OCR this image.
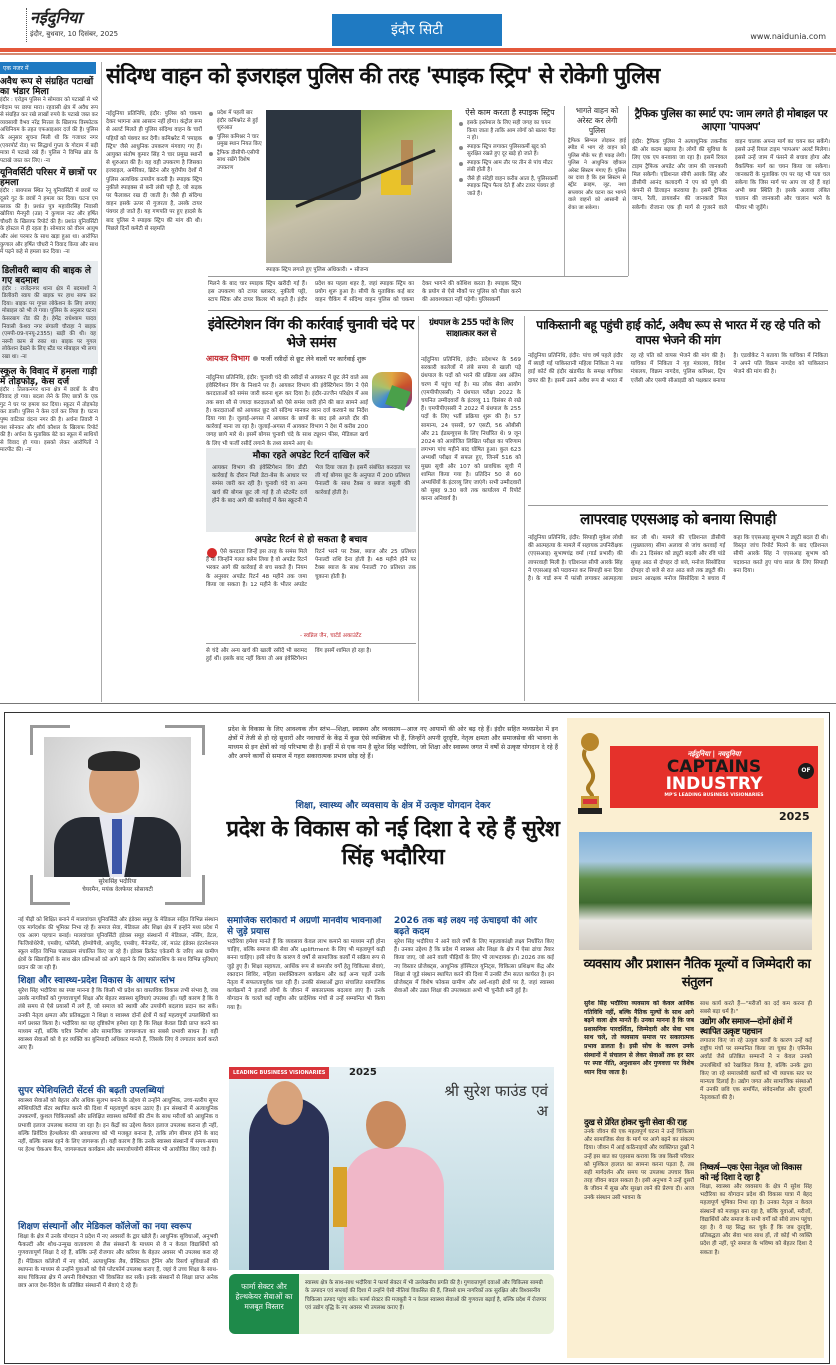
नईदुनिया
इंदौर, बुधवार, 10 दिसंबर, 2025	इंदौर सिटी	www.naidunia.com
एक नजर में
अवैध रूप से संग्रहित पटाखों का भंडार मिला
इंदौर : एरोड्रम पुलिस ने सोमवार को पटाखों से भरे गोदाम पर छापा मारा। रहवासी क्षेत्र में अवैध रूप से संग्रहित कर रखे लाखों रुपये के पटाखे जब्त कर व्यवसायी वैभव नरेंद्र मित्तल के खिलाफ विस्फोटक अधिनियम के तहत एफआइआर दर्ज की है। पुलिस के अनुसार सूचना मिली थी कि गजाधर नगर (एयरपोर्ट रोड) पर सिद्धार्थ गुप्ता के गोदाम में बड़ी मात्रा में पटाखे रखे हैं। पुलिस ने विभिन्न ब्रांड के पटाखे जब्त कर लिए। -ना
यूनिवर्सिटी परिसर में छात्रों पर हमला
इंदौर : बायपास स्थित रेनू यूनिवर्सिटी में छात्रों पर दूसरे गुट के छात्रों ने हमला कर दिया। घटना एम ब्लाक की है। प्रशांत पुत्र महावीरसिंह निवासी खोरिया मैनपुरी (उप्र) ने कुणाल नाट और हर्षित चौधरी के खिलाफ रिपोर्ट की है। प्रशांत यूनिवर्सिटी के होस्टल में ही रहता है। सोमवार को वीरम आयुष और अंश परमार के साथ खड़ा हुआ था। आरोपित कुणाल और हर्षित चौधरी ने विवाद किया और साथ में पढ़ने कहे से हमला कर दिया। -ना
डिलीवरी ब्वाय की बाइक ले गए बदमाश
इंदौर : राजेंद्रनगर थाना क्षेत्र में बदमाशों ने डिलीवरी ब्वाय की बाइक पर हाथ साफ कर दिया। बाइक पर गूगल लोकेशन के लिए लगाए मोबाइल को भी ले गया। पुलिस के अनुसार घटना केसरबाग रोड की है। हेमेंद्र राधेश्याम यादव निवासी केशव नगर बंगाली चौराहा ने बाइक (एमपी-09-एनयू-2355) खड़ी की थी। वह नरूरी काम से रुका था। बाइक पर गूगल लोकेशन देखने के लिए स्टैंड पर मोबाइल भी लगा रखा था। -ना
स्कूल के विवाद में हमला गाड़ी में तोड़फोड़, केस दर्ज
इंदौर : तिलकनगर थाना क्षेत्र में छात्रों के बीच विवाद हो गया। बदला लेने के लिए छात्रों के एक गुट ने घर पर हमला कर दिया। स्कूटर में तोड़फोड़ कर डाली। पुलिस ने केस दर्ज कर लिया है। घटना पुष्प वाटिका वंदना नगर की है। अर्चना तिवारी ने यश सोनकर और शौर्य कौशल के खिलाफ रिपोर्ट की है। अर्चना के मुताबिक बेटे का स्कूल में साथियों से विवाद हो गया। इसको लेकर आरोपितों ने मारपीट की। -ना
संदिग्ध वाहन को इजराइल पुलिस की तरह 'स्पाइक स्ट्रिप' से रोकेगी पुलिस
नईदुनिया प्रतिनिधि, इंदौर: पुलिस को चकमा देकर भागना अब आसान नहीं होगा। कंट्रोल रूम से अलर्ट मिलते ही पुलिस संदिग्ध वाहन के चारों पहियों को पंक्चर कर देगी। कमिश्नरेट में 'स्पाइक स्ट्रिप' जैसे आधुनिक उपकरण मंगवाए गए हैं। आयुक्त संतोष कुमार सिंह ने चार प्रमुख स्थानों से शुरुआत की है। यह वही उपकरण है जिसका इजराइल, अमेरिका, ब्रिटेन और यूरोपीय देशों में पुलिस अत्यधिक उपयोग करती है। स्पाइक स्ट्रिप नुकीले स्पाइक्स से बनी लंबी पट्टी है, जो सड़क पर फैलाकर रख दी जाती है। जैसे ही संदिग्ध वाहन इसके ऊपर से गुजरता है, उसके टायर पंक्चर हो जाते हैं। यह गणपति पर हुए हादसे के बाद पुलिस ने स्पाइक स्ट्रिप की मांग की थी। पिछले दिनों कमेटी से सहमति
प्रदेश में पहली बार इंदौर कमिश्नरेट से हुई शुरुआत
पुलिस कमिश्नर ने चार प्रमुख स्थान नियत किए
ट्रैफिक डीसीपी-एसीपी साथ रखेंगे विशेष उपकरण
स्पाइक स्ट्रिप लगाते हुए पुलिस अधिकारी। • सौजन्य
ऐसे काम करता है स्पाइक स्ट्रिप
इसके इस्तेमाल के लिए सही जगह का चयन किया जाता है ताकि आम लोगों को खतरा पैदा न हो।
स्पाइक स्ट्रिप लगाकर पुलिसकर्मी खुद को सुरक्षित रखते हुए दूर खड़े हो जाते हैं।
स्पाइक स्ट्रिप आम तौर पर तीन से पांच मीटर लंबी होती है।
जैसे ही संदेही वाहन करीब आता है, पुलिसकर्मी स्पाइक स्ट्रिप फैला देते हैं और टायर पंक्चर हो जाते हैं।
भागते वाहन को अरेस्ट कर लेगी पुलिस
ट्रैफिक सिग्नल तोड़कर हाई स्पीड में भाग रहे वाहन को पुलिस मौके पर ही पकड़ लेगी। पुलिस ने आधुनिक व्हीकल अरेस्ट सिस्टम मंगाए हैं। पुलिस का दावा है कि इस सिस्टम से स्ट्रीट क्राइम, लूट, नशा सप्लायर और घटना कर भागने वाले वाहनों को आसानी से रोका जा सकेगा।
मिलने के बाद चार स्पाइक स्ट्रिप खरीदी गई हैं। इस उपकरण को टायर ब्लास्टर, नुकीली पट्टी, स्टाप स्टिक और टायर किलर भी कहते हैं। इंदौर प्रदेश का पहला शहर है, जहां स्पाइक स्ट्रिप का प्रयोग शुरू हुआ है। सीपी के मुताबिक कई बार वाहन चैकिंग में संदिग्ध वाहन पुलिस को चकमा देकर भागने की कोशिश करता है। स्पाइक स्ट्रिप के प्रयोग से ऐसे मौकों पर पुलिस को पीछा करने की आवश्यकता नहीं पड़ेगी। पुलिसकर्मी
ट्रैफिक पुलिस का स्मार्ट एप: जाम लगते ही मोबाइल पर आएगा 'पापअप'
इंदौर: ट्रैफिक पुलिस ने अत्याधुनिक तकनीक की ओर कदम बढ़ाया है। लोगों की सुविधा के लिए एक एप बनवाया जा रहा है। इसमें रियल टाइम ट्रैफिक अपडेट और जाम की जानकारी मिल सकेगी। एडिशनल सीपी आरके सिंह और डीसीपी आनंद कलादगी ने एप को पुणे की कंपनी से डिजाइन करवाया है। इसमें ट्रैफिक जाम, रैली, डायवर्सन की जानकारी मिल सकेगी। रोजाना एक ही मार्ग से गुजरने वाले वाहन चालक अपना मार्ग का चयन कर सकेंगे। इससे उन्हें रियल टाइम 'पापअप' अलर्ट मिलेगा। इससे उन्हें जाम में फंसने से बचाव होगा और वैकल्पिक मार्ग का चयन किया जा सकेगा। जानकारी के मुताबिक एप पर यह भी पता चल सकेगा कि जिस मार्ग पर आप जा रहे हैं वहां अभी क्या स्थिति है। इसके अलावा लंबित चालान की जानकारी और चालान भरने के फीचर भी जुड़ेंगे।
इंवेस्टिगेशन विंग की कार्रवाई चुनावी चंदे पर भेजे समंस
आयकर विभाग फर्जी रसीदों से छूट लेने वालों पर कार्रवाई शुरू
नईदुनिया प्रतिनिधि, इंदौर: चुनावी चंदे की रसीदों से आयकर में छूट लेने वाले अब इंवेस्टिगेशन विंग के निशाने पर हैं। आयकर विभाग की इंवेस्टिगेशन विंग ने ऐसे करदाताओं को समंस जारी करना शुरू कर दिया है। इंदौर-उज्जैन परिक्षेत्र में अब तक सवा सौ से ज्यादा करदाताओं को ऐसे समंस जारी होने की बात सामने आई है। करदाताओं को आयकर छूट को संदिग्ध मानकर ब्यान दर्ज करवाने का निर्देश दिया गया है। जुलाई-अगस्त में आयकर के छापों के बाद इसे अगले दौर की कार्रवाई माना जा रहा है। जुलाई-अगस्त में आयकर विभाग ने देश में करीब 200 जगह छापे मारे थे। इसमें बोगस चुनावी चंदे के साथ ट्यूशन फीस, मेडिकल खर्च के लिए भी फर्जी रसीदें लगाने के तथ्य सामने आए थे।
मौका रहते अपडेट रिटर्न दाखिल करें
आयकर विभाग की इंवेस्टिगेशन विंग डीटी कार्रवाई के दौरान मिले डेटा-बेस के आधार पर समंस जारी कर रही है। चुनावी चंदे या अन्य खर्च की बोगस छूट ली गई है तो स्टेटमेंट दर्ज होने के बाद आगे की कार्रवाई में केस स्क्रूटनी में भेज दिया जाता है। इसमें संबंधित करदाता पर ली गई बोगस छूट के अनुपात में 200 प्रतिशत पेनाल्टी के साथ टैक्स व ब्याज वसूली की कार्रवाई होती है।
अपडेट रिटर्न से हो सकता है बचाव
ऐसे करदाता जिन्हें इस तरह के समंस मिले हैं या जिन्होंने गलत क्लेम लिया है वो अपडेट रिटर्न भरकर आगे की कार्रवाई से बच सकते हैं। नियम के अनुसार अपडेट रिटर्न 48 महीने तक जमा किया जा सकता है। 12 महीने के भीतर अपडेट रिटर्न भरने पर टैक्स, ब्याज और 25 प्रतिशत पेनाल्टी राशि देना होती है। 48 महीने होने पर टैक्स ब्याज के साथ पेनाल्टी 70 प्रतिशत तक चुकाना होती है।
- स्वप्निल जैन, चार्टर्ड अकाउंटेंट
से चंदे और अन्य खर्च की खाली रसीदें भी बरामद हुई थीं। इसके बाद नहीं किया तो अब इंवेस्टिगेशन विंग इसमें शामिल हो रहा है।
ग्रंथपाल के 255 पदों के लिए साक्षात्कार कल से
नईदुनिया प्रतिनिधि, इंदौर: प्रदेशभर के 569 सरकारी कालेजों में लंबे समय से खाली पड़े ग्रंथपाल के पदों को भरने की प्रक्रिया अब अंतिम चरण में पहुंच गई है। मप्र लोक सेवा आयोग (एमपीपीएससी) ने ग्रंथपाल परीक्षा 2022 के चयनित उम्मीदवारों के इंटरव्यू 11 दिसंबर से रखे हैं। एमपीपीएससी ने 2022 में ग्रंथपाल के 255 पदों के लिए भर्ती प्रक्रिया शुरू की है। 57 सामान्य, 24 एससी, 97 एसटी, 56 ओबीसी और 21 ईडब्ल्यूएस के लिए निर्धारित थे। 9 जून 2024 को आयोजित लिखित परीक्षा का परिणाम लगभग पांच महीने बाद घोषित हुआ। कुल 623 अभ्यर्थी परीक्षा में सफल हुए, जिनमें 516 को मुख्य सूची और 107 को प्रावधिक सूची में शामिल किया गया है। प्रतिदिन 50 से 60 अभ्यर्थियों के इंटरव्यू लिए जाएंगे। सभी उम्मीदवारों को सुबह 9.30 बजे तक कार्यालय में रिपोर्ट करना अनिवार्य है।
पाकिस्तानी बहू पहुंची हाई कोर्ट, अवैध रूप से भारत में रह रहे पति को वापस भेजने की मांग
नईदुनिया प्रतिनिधि, इंदौर: पांच वर्ष पहले इंदौर में ब्याही गई पाकिस्तानी महिला निकिता ने मप्र हाई कोर्ट की इंदौर खंडपीठ के समक्ष याचिका दायर की है। इसमें उसने अवैध रूप से भारत में रह रहे पति को वापस भेजने की मांग की है। याचिका में निकिता ने गृह मंत्रालय, विदेश मंत्रालय, विक्रम नागदेव, पुलिस कमिश्नर, ट्रिप एजेंसी और एसपी सीआइडी को पक्षकार बनाया है। एडवोकेट ने बताया कि याचिका में निकिता ने अपने पति विक्रम नागदेव को पाकिस्तान भेजने की मांग की है।
लापरवाह एएसआइ को बनाया सिपाही
नईदुनिया प्रतिनिधि, इंदौर: सिपाही मुकेश लोधी की आत्महत्या के मामले में सहायक उपनिरीक्षक (एएसआइ) सुभाषचंद्र वर्मा (गार्ड प्रभारी) की लापरवाही मिली है। एडिशनल सीपी आरके सिंह ने एएसआइ को पदावनत कर सिपाही बना दिया है। के गार्ड रूम में फांसी लगाकर आत्महत्या कर ली थी। मामले की एडिशनल डीसीपी (मुख्यालय) सीमा अलावा से जांच करवाई गई थी। 21 दिसंबर को ड्यूटी बदली और रवि पांडे सुबह आठ से दोपहर दो बजे, मनोज सिसोदिया दोपहर दो बजे से रात आठ बजे तक ड्यूटी की। प्रधान आरक्षक मनोज सिसोदिया ने बचाव में कहा कि एएसआइ सुभाष ने ड्यूटी बदल दी थी। विस्तृत जांच रिपोर्ट मिलने के बाद एडिशनल सीपी आरके सिंह ने एएसआइ सुभाष को पदावनत करते हुए पांच साल के लिए सिपाही बना दिया।
सुरेशसिंह भदौरिया
चेयरमैन, मयंक वेलफेयर सोसायटी
प्रदेश के विकास के लिए आवश्यक तीन स्तंभ—शिक्षा, स्वास्थ्य और व्यवसाय—आज नए आयामों की ओर बढ़ रहे हैं। इंदौर सहित मध्यप्रदेश में इन क्षेत्रों में तेजी से हो रहे सुधारों और नवाचारों के केंद्र में कुछ ऐसे व्यक्तित्व भी हैं, जिन्होंने अपनी दूरदृष्टि, नेतृत्व क्षमता और समाजसेवा की भावना के माध्यम से इन क्षेत्रों को नई परिभाषा दी है। इन्हीं में से एक नाम है सुरेश सिंह भदौरिया, जो शिक्षा और स्वास्थ्य जगत में वर्षों से उत्कृष्ट योगदान दे रहे हैं और अपने कार्यों से समाज में गहरा सकारात्मक प्रभाव छोड़ रहे हैं।
शिक्षा, स्वास्थ्य और व्यवसाय के क्षेत्र में उत्कृष्ट योगदान देकर
प्रदेश के विकास को नई दिशा दे रहे हैं सुरेश सिंह भदौरिया
नई पीढ़ी को शिक्षित बनाने में मालवांचल यूनिवर्सिटी और इंडेक्स समूह के मेडिकल सहित विभिन्न संस्थान एक मार्गदर्शक की भूमिका निभा रहे हैं। समाज सेवा, मेडिकल और शिक्षा क्षेत्र में इन्होंने मध्य प्रदेश में एक अलग पहचान बनाई। मालवांचल यूनिवर्सिटी इंडेक्स समूह संस्थानों में मेडिकल, नर्सिंग, डेंटल, फिजियोथेरेपी, एमबीए, फॉर्मेसी, होम्योपैथी, आयुर्वेद, एमबीए, मैनेजमेंट, लॉ, माउंट इंडेक्स इंटरनेशनल स्कूल सहित विभिन्न पाठ्यक्रम संचालित किए जा रहे हैं। इंडेक्स क्रिकेट एकेडमी के जरिए अब ग्रामीण क्षेत्रों के खिलाड़ियों के साथ खेल प्रतिभाओं को आगे बढ़ाने के लिए स्कॉलरशिप के साथ विभिन्न सुविधाएं प्रदान की जा रही हैं।
शिक्षा और स्वास्थ्य-प्रदेश विकास के आधार स्तंभ
सुरेश सिंह भदौरिया का स्पष्ट मानना है कि किसी भी प्रदेश का वास्तविक विकास तभी संभव है, जब उसके नागरिकों को गुणवत्तापूर्ण शिक्षा और बेहतर स्वास्थ्य सुविधाएं उपलब्ध हों। यही कारण है कि वे लंबे समय से ऐसे प्रयासों में लगे हैं, जो समाज को स्थायी और उपयोगी बदलाव प्रदान कर सकें। उनकी नेतृत्व क्षमता और प्रतिबद्धता ने शिक्षा व स्वास्थ्य दोनों क्षेत्रों में कई महत्वपूर्ण उपलब्धियों का मार्ग प्रशस्त किया है। भदौरिया का यह दृष्टिकोण हमेशा रहा है कि शिक्षा केवल डिग्री प्राप्त करने का माध्यम नहीं, बल्कि चरित्र निर्माण और सामाजिक जागरूकता का सबसे प्रभावी साधन है। वहीं स्वास्थ्य सेवाओं को वे हर व्यक्ति का बुनियादी अधिकार मानते हैं, जिसके लिए वे लगातार कार्य करते आए हैं।
सुपर स्पेशियलिटी सेंटर्स की बढ़ती उपलब्धियां
स्वास्थ्य सेवाओं को बेहतर और अधिक सुलभ बनाने के उद्देश्य से उन्होंने आधुनिक, उच्च-स्तरीय सुपर स्पेशियलिटी सेंटर स्थापित करने की दिशा में महत्वपूर्ण कदम उठाए हैं। इन संस्थानों में अत्याधुनिक उपकरणों, कुशल चिकित्सकों और प्रशिक्षित स्वास्थ्य कर्मियों की टीम के साथ मरीजों को आधुनिक व प्रभावी इलाज उपलब्ध कराया जा रहा है। इन केंद्रों का उद्देश्य केवल इलाज उपलब्ध कराना ही नहीं, बल्कि प्रिवेंटिव हेल्थकेयर की अवधारणा को भी मजबूत बनाना है, ताकि लोग बीमार होने के बाद नहीं, बल्कि स्वस्थ रहने के लिए जागरूक हों। यही कारण है कि उनके स्वास्थ्य संस्थानों में समय-समय पर हेल्थ चेकअप कैंप, जागरूकता कार्यक्रम और समाजोपयोगी सेमिनार भी आयोजित किए जाते हैं।
शिक्षण संस्थानों और मेडिकल कॉलेजों का नया स्वरूप
शिक्षा के क्षेत्र में उनके योगदान ने प्रदेश में नए अवसरों के द्वार खोले हैं। आधुनिक सुविधाओं, अनुभवी फैकल्टी और शोध-उन्मुख वातावरण से लैस संस्थानों के माध्यम से वे न केवल विद्यार्थियों को गुणवत्तापूर्ण शिक्षा दे रहे हैं, बल्कि उन्हें रोजगार और करियर के बेहतर अवसर भी उपलब्ध करा रहे हैं। मेडिकल कॉलेजों में नए कोर्स, अत्याधुनिक लैब, प्रैक्टिकल ट्रेनिंग और रिसर्च सुविधाओं की स्थापना के माध्यम से उन्होंने युवाओं को ऐसे प्लेटफॉर्म उपलब्ध कराए हैं, जहां वे उच्च शिक्षा के साथ-साथ चिकित्सा क्षेत्र में अपनी विशेषज्ञता भी विकसित कर सकें। इनके संस्थानों से शिक्षा प्राप्त अनेक छात्र आज देश-विदेश के प्रतिष्ठित संस्थानों में सेवाएं दे रहे हैं।
समाजिक सरोकारों में अग्रणी मानवीय भावनाओं से जुड़े प्रयास
भदौरिया हमेशा मानते हैं कि व्यवसाय केवल लाभ कमाने का माध्यम नहीं होना चाहिए, बल्कि समाज की सेवा और upliftment के लिए भी महत्वपूर्ण कड़ी बनना चाहिए। इसी सोच के कारण वे वर्षों से सामाजिक कार्यों में सक्रिय रूप से जुड़े हुए हैं। शिक्षा सहायता, आर्थिक रूप से कमजोर वर्गों हेतु चिकित्सा सेवाएं, रक्तदान शिविर, महिला सशक्तिकरण कार्यक्रम और कई अन्य पहलें उनके नेतृत्व में सफलतापूर्वक चल रही हैं। उनकी संस्थाओं द्वारा संचालित सामाजिक कार्यक्रमों ने हजारों लोगों के जीवन में सकारात्मक बदलाव लाए हैं। उनके योगदान के चलते कई राष्ट्रीय और प्रादेशिक मंचों से उन्हें सम्मानित भी किया गया है।
2026 तक बड़े लक्ष्य नई ऊंचाइयों की ओर बढ़ते कदम
सुरेश सिंह भदौरिया ने आने वाले वर्षों के लिए महत्वाकांक्षी लक्ष्य निर्धारित किए हैं। उनका उद्देश्य है कि प्रदेश में स्वास्थ्य और शिक्षा के क्षेत्र में ऐसा ढांचा तैयार किया जाए, जो आने वाली पीढ़ियों के लिए भी लाभदायक हो। 2026 तक कई नए विस्तार प्रोजेक्ट्स, आधुनिक हॉस्पिटल यूनिट्स, चिकित्सा प्रशिक्षण केंद्र और शिक्षा से जुड़े संस्थान स्थापित करने की दिशा में उनकी टीम सतत कार्यरत है। इन प्रोजेक्ट्स में विशेष फोकस ग्रामीण और अर्ध-शहरी क्षेत्रों पर है, जहां स्वास्थ्य सेवाओं और उन्नत शिक्षा की उपलब्धता अभी भी चुनौती बनी हुई है।
LEADING BUSINESS VISIONARIES	2025
श्री सुरेश फाउंड एवं अ
फार्मा सेक्टर और हेल्थकेयर सेवाओं का मजबूत विस्तार
स्वास्थ्य क्षेत्र के साथ-साथ भदौरिया ने फार्मा सेक्टर में भी उल्लेखनीय प्रगति की है। गुणवत्तापूर्ण दवाओं और चिकित्सा सामग्री के उत्पादन एवं सप्लाई की दिशा में उन्होंने ऐसी नीतियां विकसित की हैं, जिससे ग्राम नागरिकों तक सुरक्षित और विश्वसनीय चिकित्सा उत्पाद पहुंच सके। फार्मा सेक्टर की मजबूती ने न केवल स्वास्थ्य सेवाओं की गुणवत्ता बढ़ाई है, बल्कि प्रदेश में रोजगार एवं उद्योग वृद्धि के नए अवसर भी उपलब्ध कराए हैं।
नईदुनिया | नवदुनिया
CAPTAINS
INDUSTRY
MP'S LEADING BUSINESS VISIONARIES
OF
2025
व्यवसाय और प्रशासन नैतिक मूल्यों व जिम्मेदारी का संतुलन
सुरेश सिंह भदौरिया व्यवसाय को केवल आर्थिक गतिविधि नहीं, बल्कि नैतिक मूल्यों के साथ आगे बढ़ने वाला क्षेत्र मानते हैं। उनका मानना है कि जब प्रशासनिक पारदर्शिता, जिम्मेदारी और सेवा भाव साथ चले, तो व्यवसाय समाज पर सकारात्मक प्रभाव डालता है। इसी सोच के कारण उनके संस्थानों में संचालन से लेकर सेवाओं तक हर स्तर पर स्पष्ट नीति, अनुशासन और गुणवत्ता पर विशेष ध्यान दिया जाता है।
दुख से प्रेरित होकर चुनी सेवा की राह
उनके जीवन की एक महत्वपूर्ण घटना ने उन्हें चिकित्सा और सामाजिक सेवा के मार्ग पर आगे बढ़ने का संकल्प दिया। जीवन में आई कठिनाइयों और व्यक्तिगत दुखों ने उन्हें इस बात का एहसास कराया कि जब किसी परिवार को मुश्किल हालात का सामना करना पड़ता है, तब सही मार्गदर्शन और समय पर उपलब्ध उपचार किस तरह जीवन बदल सकता है। इसी अनुभव ने उन्हें दूसरों के जीवन में सुख और सुरक्षा लाने की प्रेरणा दी। आज उनके संस्थान उसी भावना के
साथ कार्य करते हैं—"मरीजों का दर्द कम करना ही सबसे बड़ा धर्म है।"
उद्योग और समाज—दोनों क्षेत्रों में स्थापित उत्कृष्ट पहचान
लगातार किए जा रहे उत्कृष्ट कार्यों के कारण उन्हें कई राष्ट्रीय मंचों पर सम्मानित किया जा चुका है। एमिनेंस अवॉर्ड जैसे प्रतिष्ठित सम्मानों ने न केवल उनको उपलब्धियों को रेखांकित किया है, बल्कि उनके द्वारा किए जा रहे समाजसेवी कार्यों को भी व्यापक स्तर पर मान्यता दिलाई है। उद्योग जगत और सामाजिक संस्थाओं में उनकी छवि एक समर्पित, संवेदनशील और दूरदर्शी नेतृत्वकर्ता की है।
निष्कर्ष—एक ऐसा नेतृत्व जो विकास को नई दिशा दे रहा है
शिक्षा, स्वास्थ्य और व्यवसाय के क्षेत्र में सुरेश सिंह भदौरिया का योगदान प्रदेश की विकास यात्रा में बेहद महत्वपूर्ण भूमिका निभा रहा है। उनका नेतृत्व न केवल संस्थानों को मजबूत बना रहा है, बल्कि युवाओं, मरीजों, विद्यार्थियों और समाज के सभी वर्गों को सीधे लाभ पहुंचा रहा है। वे यह सिद्ध कर चुके हैं कि जब दूरदृष्टि, प्रतिबद्धता और सेवा भाव साथ हों, तो कोई भी व्यक्ति प्रदेश ही नहीं, पूरे समाज के भविष्य को बेहतर दिशा दे सकता है।
